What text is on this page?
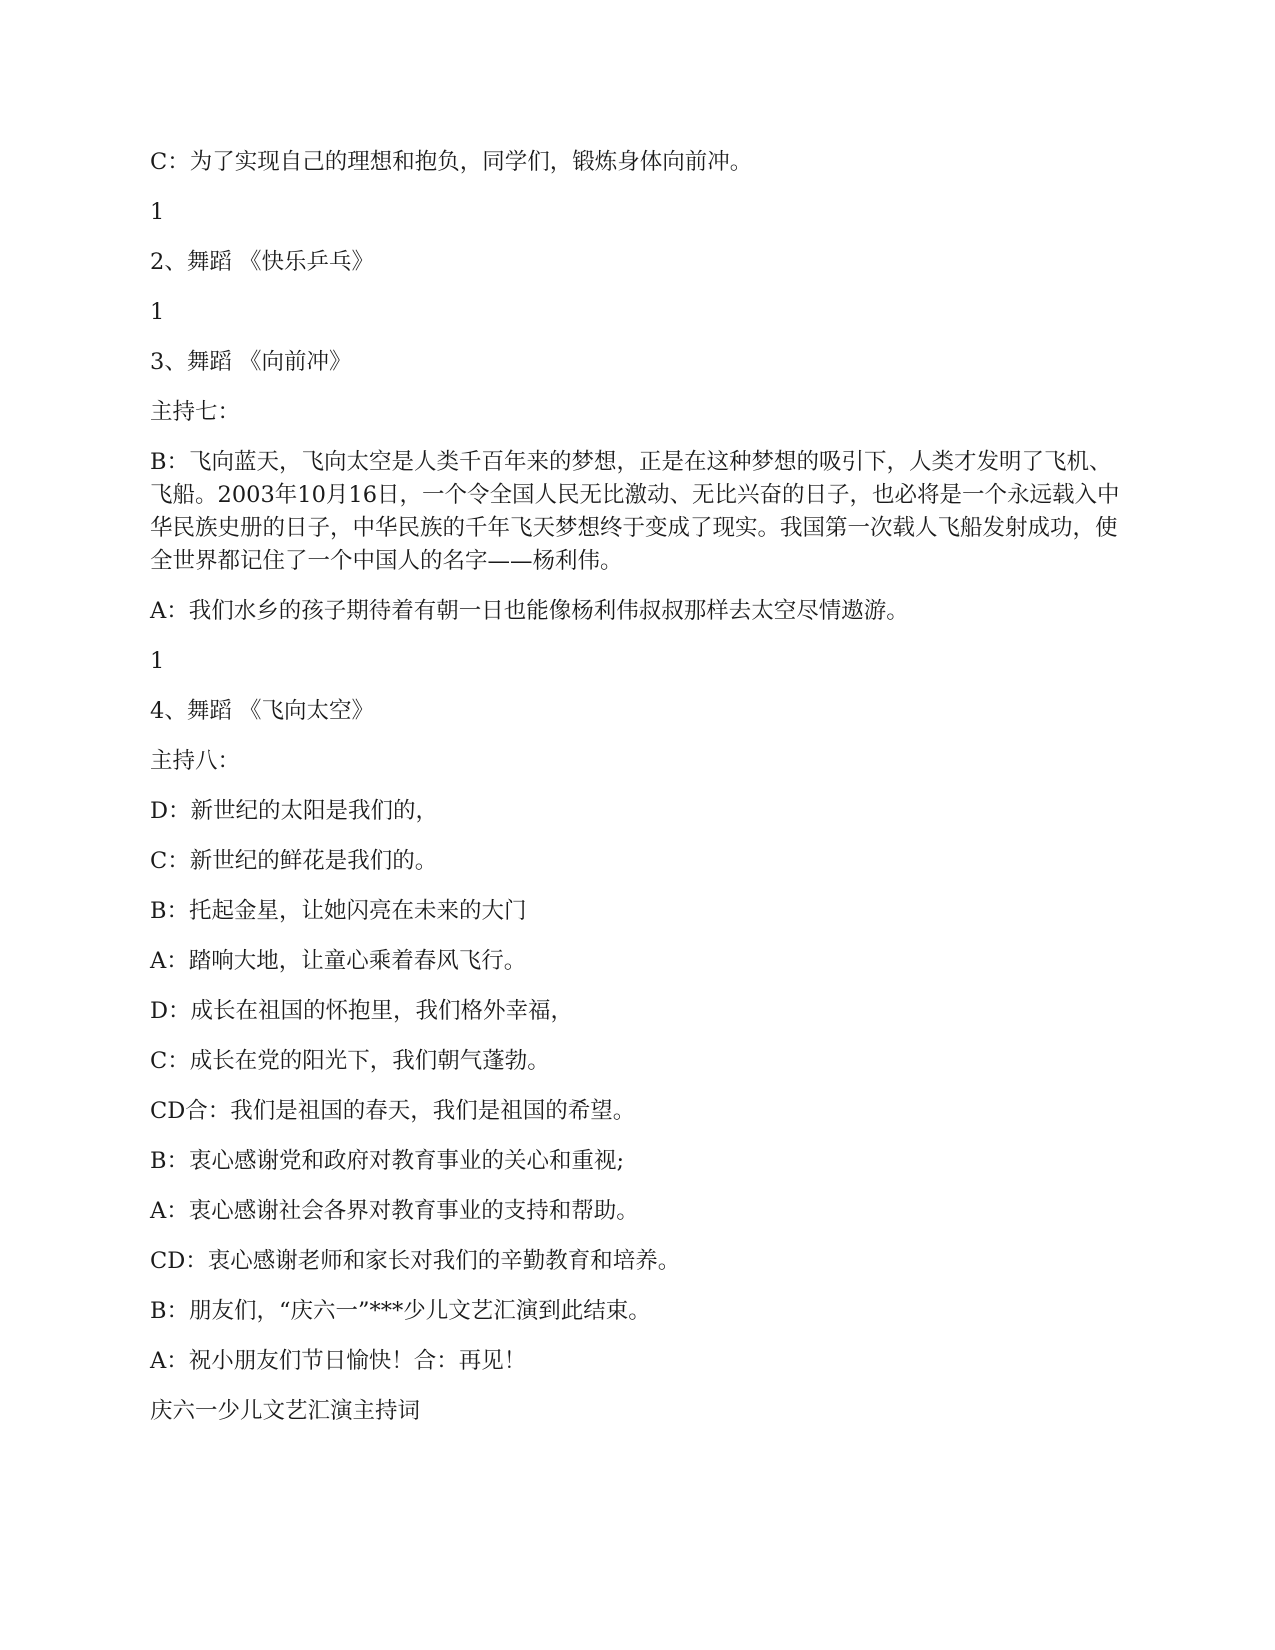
C：为了实现自己的理想和抱负，同学们，锻炼身体向前冲。

1

2、舞蹈 《快乐乒乓》

1

3、舞蹈 《向前冲》

主持七：

B：飞向蓝天，飞向太空是人类千百年来的梦想，正是在这种梦想的吸引下，人类才发明了飞机、飞船。2003年10月16日，一个令全国人民无比激动、无比兴奋的日子，也必将是一个永远载入中华民族史册的日子，中华民族的千年飞天梦想终于变成了现实。我国第一次载人飞船发射成功，使全世界都记住了一个中国人的名字——杨利伟。

A：我们水乡的孩子期待着有朝一日也能像杨利伟叔叔那样去太空尽情遨游。

1

4、舞蹈 《飞向太空》

主持八：

D：新世纪的太阳是我们的，

C：新世纪的鲜花是我们的。

B：托起金星，让她闪亮在未来的大门

A：踏响大地，让童心乘着春风飞行。

D：成长在祖国的怀抱里，我们格外幸福，

C：成长在党的阳光下，我们朝气蓬勃。

CD合：我们是祖国的春天，我们是祖国的希望。

B：衷心感谢党和政府对教育事业的关心和重视;

A：衷心感谢社会各界对教育事业的支持和帮助。

CD：衷心感谢老师和家长对我们的辛勤教育和培养。

B：朋友们，“庆六一”***少儿文艺汇演到此结束。

A：祝小朋友们节日愉快！合：再见！

庆六一少儿文艺汇演主持词
